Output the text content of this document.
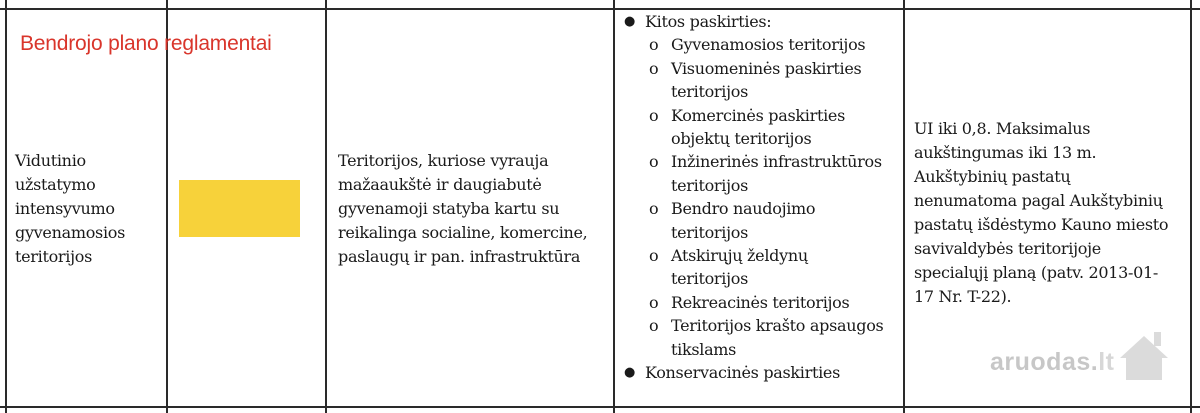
Bendrojo plano reglamentai
Vidutinio
užstatymo
intensyvumo
gyvenamosios
teritorijos
Teritorijos, kuriose vyrauja
mažaaukštė ir daugiabutė
gyvenamoji statyba kartu su
reikalinga socialine, komercine,
paslaugų ir pan. infrastruktūra
● Kitos paskirties:
o Gyvenamosios teritorijos
o Visuomeninės paskirties
teritorijos
o Komercinės paskirties
objektų teritorijos
o Inžinerinės infrastruktūros
teritorijos
o Bendro naudojimo
teritorijos
o Atskirųjų želdynų
teritorijos
o Rekreacinės teritorijos
o Teritorijos krašto apsaugos
tikslams
● Konservacinės paskirties
UI iki 0,8. Maksimalus
aukštingumas iki 13 m.
Aukštybinių pastatų
nenumatoma pagal Aukštybinių
pastatų išdėstymo Kauno miesto
savivaldybės teritorijoje
specialųjį planą (patv. 2013-01-
17 Nr. T-22).
aruodas.lt
